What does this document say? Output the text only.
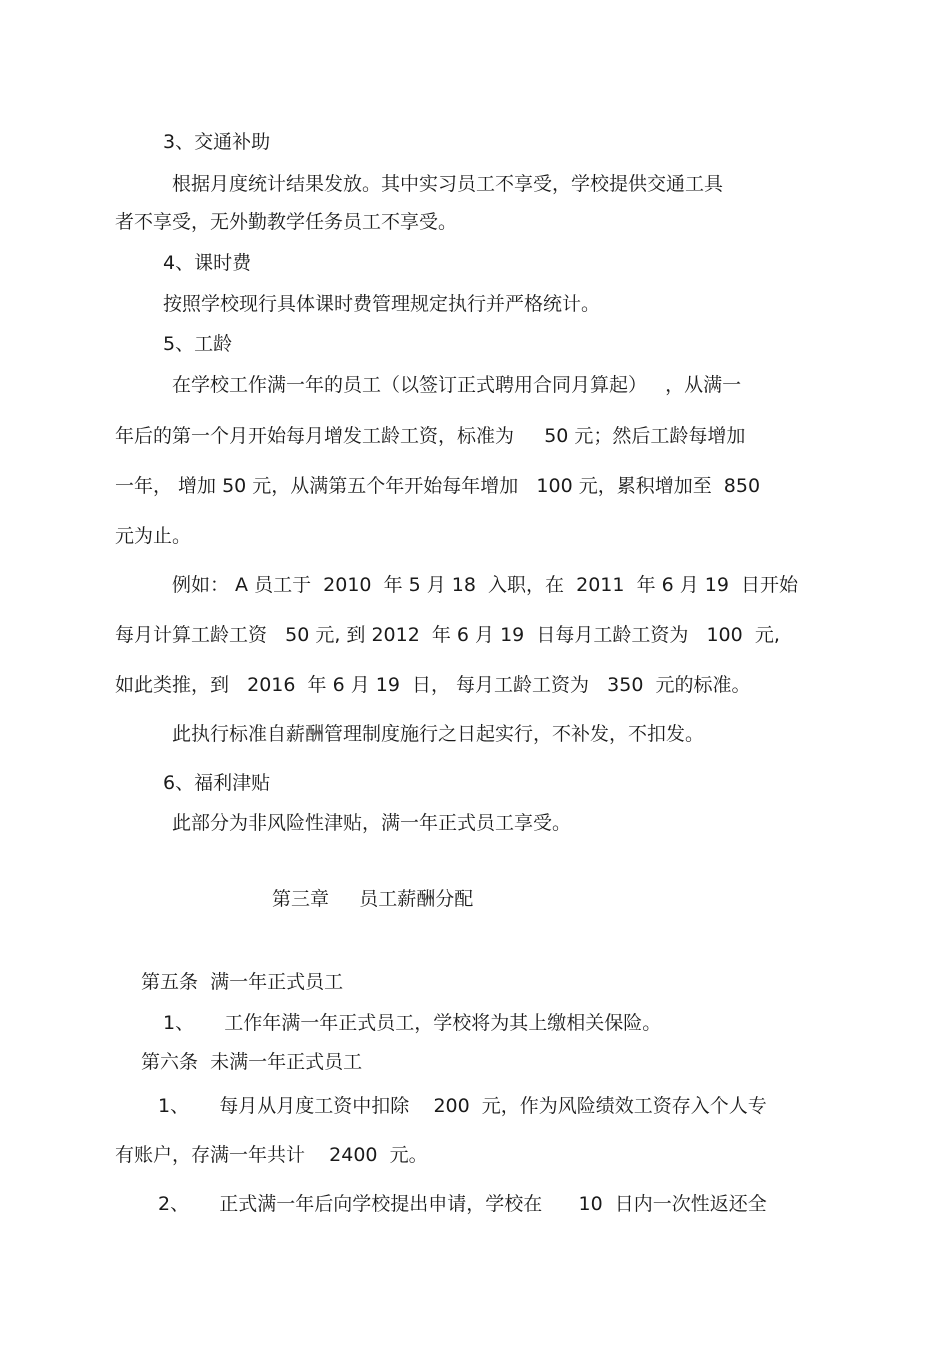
3、交通补助

根据月度统计结果发放。其中实习员工不享受，学校提供交通工具

者不享受，无外勤教学任务员工不享受。

4、课时费

按照学校现行具体课时费管理规定执行并严格统计。

5、工龄

在学校工作满一年的员工（以签订正式聘用合同月算起）   ，从满一

年后的第一个月开始每月增发工龄工资，标准为     50 元；然后工龄每增加

一年， 增加 50 元，从满第五个年开始每年增加   100 元，累积增加至  850

元为止。

例如： A 员工于  2010  年 5 月 18  入职，在  2011  年 6 月 19  日开始

每月计算工龄工资   50 元, 到 2012  年 6 月 19  日每月工龄工资为   100  元,

如此类推，到   2016  年 6 月 19  日， 每月工龄工资为   350  元的标准。

此执行标准自薪酬管理制度施行之日起实行，不补发，不扣发。

6、福利津贴

此部分为非风险性津贴，满一年正式员工享受。

第三章     员工薪酬分配

第五条  满一年正式员工

1、     工作年满一年正式员工，学校将为其上缴相关保险。

第六条  未满一年正式员工

1、     每月从月度工资中扣除    200  元，作为风险绩效工资存入个人专

有账户，存满一年共计    2400  元。

2、     正式满一年后向学校提出申请，学校在      10  日内一次性返还全
